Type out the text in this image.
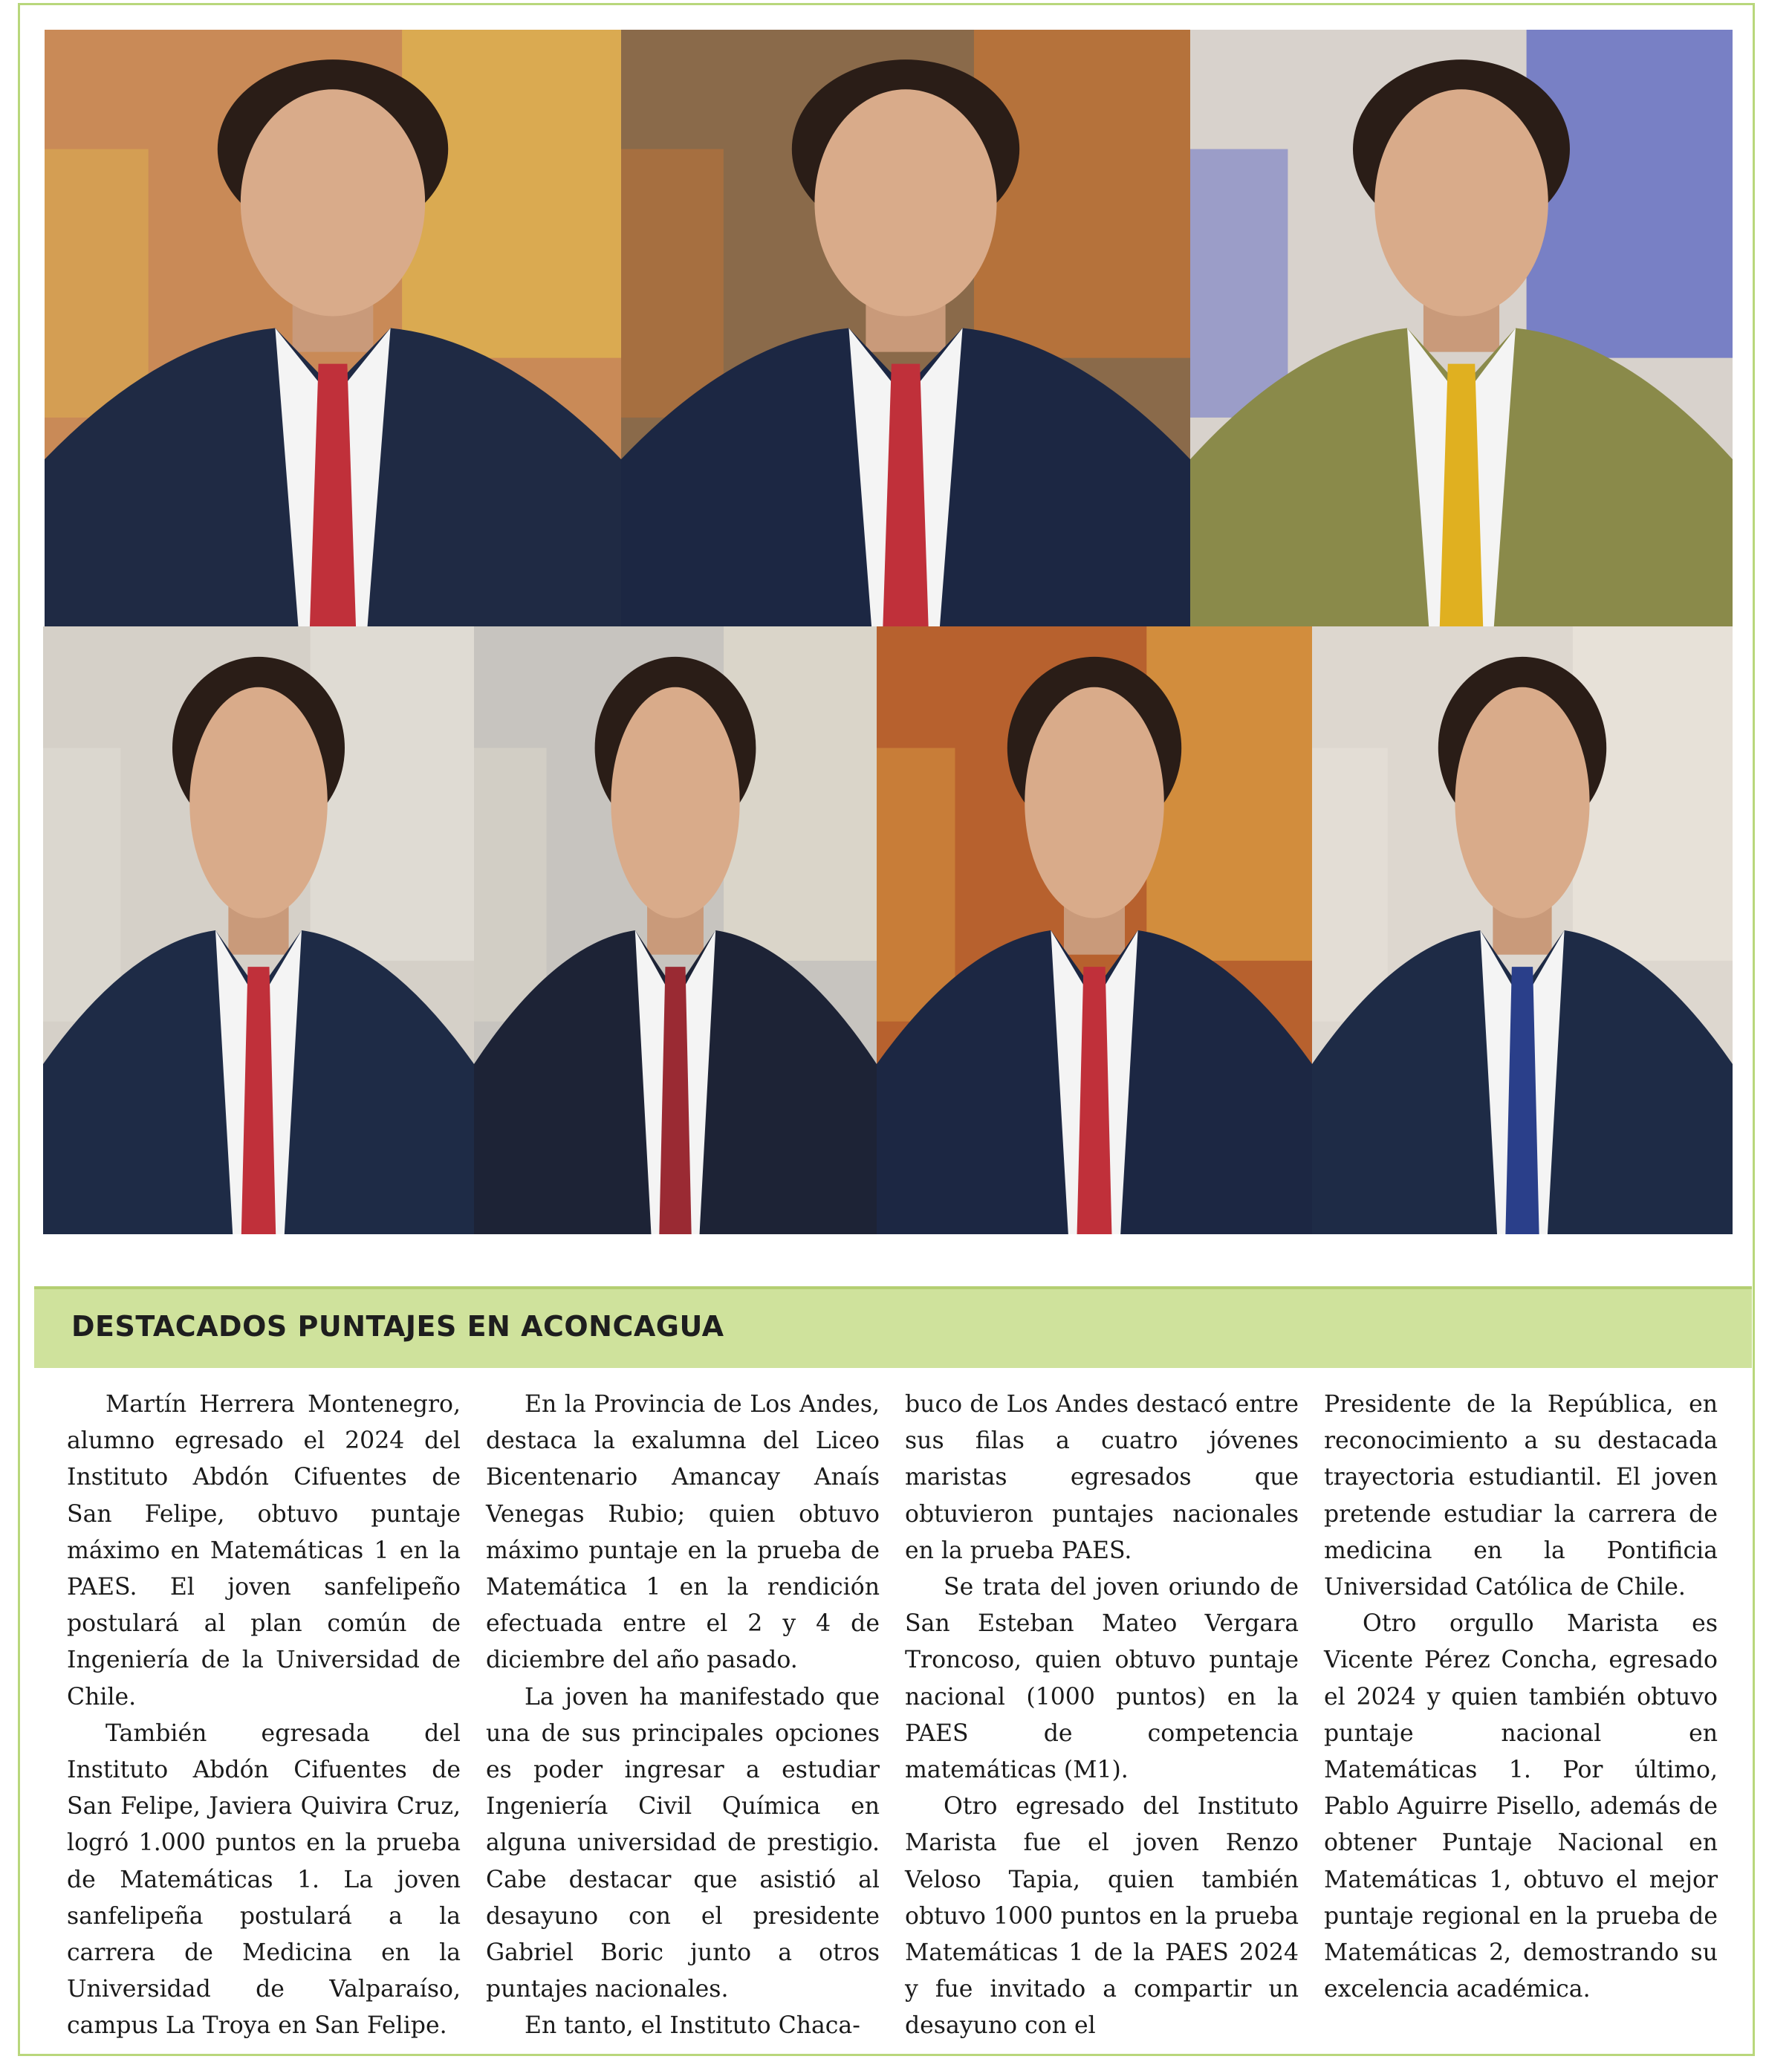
DESTACADOS PUNTAJES EN ACONCAGUA

Martín Herrera Montenegro, alumno egresado el 2024 del Instituto Abdón Cifuentes de San Felipe, obtuvo puntaje máximo en Matemáticas 1 en la PAES. El joven sanfelipeño postulará al plan común de Ingeniería de la Universidad de Chile.

También egresada del Instituto Abdón Cifuentes de San Felipe, Javiera Quivira Cruz, logró 1.000 puntos en la prueba de Matemáticas 1. La joven sanfelipeña postulará a la carrera de Medicina en la Universidad de Valparaíso, campus La Troya en San Felipe.

En la Provincia de Los Andes, destaca la exalumna del Liceo Bicentenario Amancay Anaís Venegas Rubio; quien obtuvo máximo puntaje en la prueba de Matemática 1 en la rendición efectuada entre el 2 y 4 de diciembre del año pasado.

La joven ha manifestado que una de sus principales opciones es poder ingresar a estudiar Ingeniería Civil Química en alguna universidad de prestigio. Cabe destacar que asistió al desayuno con el presidente Gabriel Boric junto a otros puntajes nacionales.

En tanto, el Instituto Chaca-

buco de Los Andes destacó entre sus filas a cuatro jóvenes maristas egresados que obtuvieron puntajes nacionales en la prueba PAES.

Se trata del joven oriundo de San Esteban Mateo Vergara Troncoso, quien obtuvo puntaje nacional (1000 puntos) en la PAES de competencia matemáticas (M1).

Otro egresado del Instituto Marista fue el joven Renzo Veloso Tapia, quien también obtuvo 1000 puntos en la prueba Matemáticas 1 de la PAES 2024 y fue invitado a compartir un desayuno con el

Presidente de la República, en reconocimiento a su destacada trayectoria estudiantil. El joven pretende estudiar la carrera de medicina en la Pontificia Universidad Católica de Chile.

Otro orgullo Marista es Vicente Pérez Concha, egresado el 2024 y quien también obtuvo puntaje nacional en Matemáticas 1. Por último, Pablo Aguirre Pisello, además de obtener Puntaje Nacional en Matemáticas 1, obtuvo el mejor puntaje regional en la prueba de Matemáticas 2, demostrando su excelencia académica.
